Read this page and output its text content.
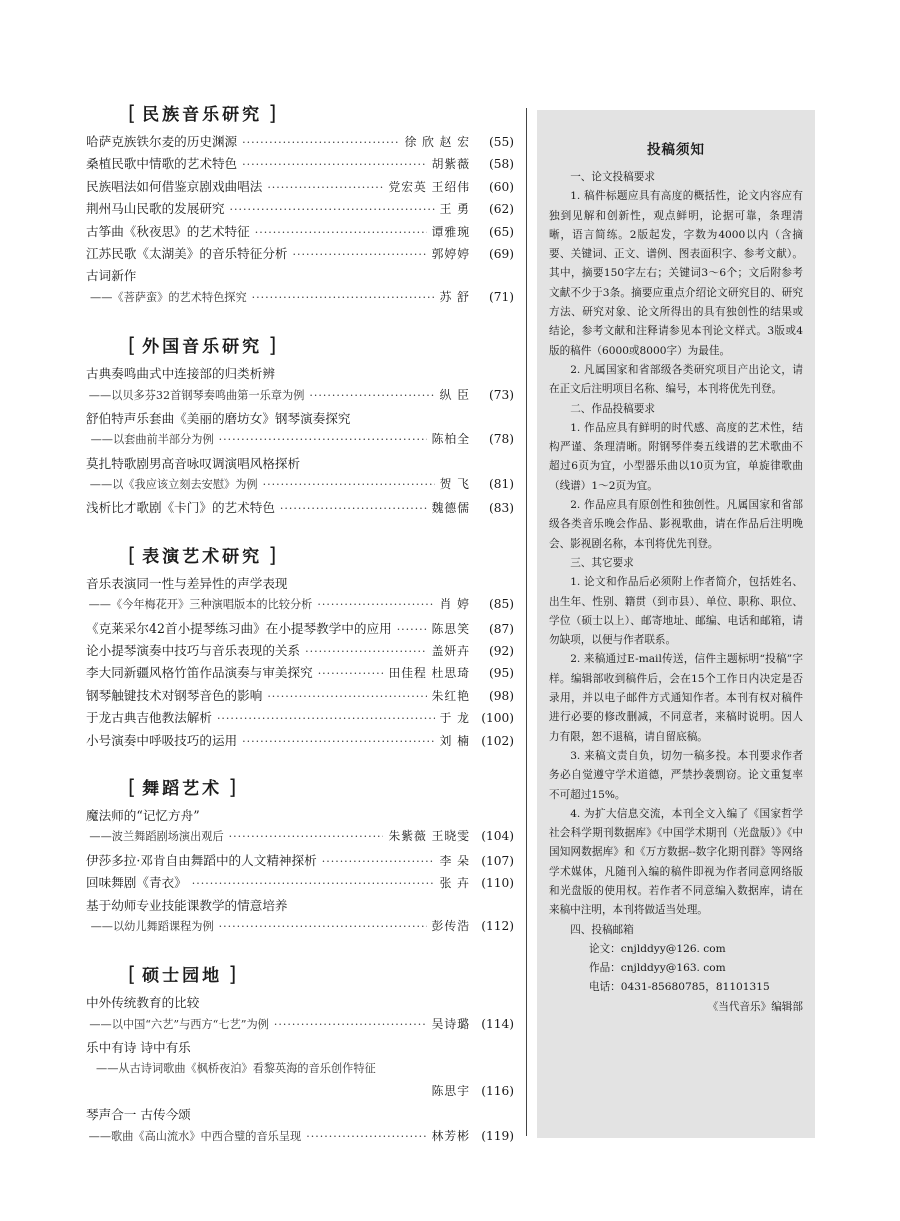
[ 民族音乐研究 ]
哈萨克族铁尔麦的历史渊源 ·····	徐 欣 赵 宏	(55)
桑植民歌中情歌的艺术特色 ·····	胡紫薇	(58)
民族唱法如何借鉴京剧戏曲唱法 ·····	党宏英 王绍伟	(60)
荆州马山民歌的发展研究 ·····	王 勇	(62)
古筝曲《秋夜思》的艺术特征 ·····	谭雅琬	(65)
江苏民歌《太湖美》的音乐特征分析 ·····	郭婷婷	(69)
古词新作
——《菩萨蛮》的艺术特色探究 ·····	苏 舒	(71)
[ 外国音乐研究 ]
古典奏鸣曲式中连接部的归类析辨
——以贝多芬32首钢琴奏鸣曲第一乐章为例 ·····	纵 臣	(73)
舒伯特声乐套曲《美丽的磨坊女》钢琴演奏探究
——以套曲前半部分为例 ·····	陈柏全	(78)
莫扎特歌剧男高音咏叹调演唱风格探析
——以《我应该立刻去安慰》为例 ·····	贺 飞	(81)
浅析比才歌剧《卡门》的艺术特色 ·····	魏德儒	(83)
[ 表演艺术研究 ]
音乐表演同一性与差异性的声学表现
——《今年梅花开》三种演唱版本的比较分析 ·····	肖 婷	(85)
《克莱采尔42首小提琴练习曲》在小提琴教学中的应用 ·····	陈思笑	(87)
论小提琴演奏中技巧与音乐表现的关系 ·····	盖妍卉	(92)
李大同新疆风格竹笛作品演奏与审美探究 ·····	田佳程 杜思琦	(95)
钢琴触键技术对钢琴音色的影响 ·····	朱红艳	(98)
于龙古典吉他教法解析 ·····	于 龙 (100)
小号演奏中呼吸技巧的运用 ·····	刘 楠 (102)
[ 舞蹈艺术 ]
魔法师的“记忆方舟”
——波兰舞蹈剧场演出观后 ·····	朱紫薇 王晓雯 (104)
伊莎多拉·邓肯自由舞蹈中的人文精神探析 ·····	李 朵 (107)
回味舞剧《青衣》 ·····	张 卉 (110)
基于幼师专业技能课教学的情意培养
——以幼儿舞蹈课程为例 ·····	彭传浩 (112)
[ 硕士园地 ]
中外传统教育的比较
——以中国“六艺”与西方“七艺”为例 ·····	吴诗璐 (114)
乐中有诗 诗中有乐
——从古诗词歌曲《枫桥夜泊》看黎英海的音乐创作特征
陈思宇 (116)
琴声合一 古传今颂
——歌曲《高山流水》中西合璧的音乐呈现 ·····	林芳彬 (119)
投稿须知

一、论文投稿要求

1. 稿件标题应具有高度的概括性，论文内容应有独到见解和创新性，观点鲜明，论据可靠，条理清晰，语言简练。2版起发，字数为4000以内（含摘要、关键词、正文、谱例、图表面积字、参考文献）。其中，摘要150字左右；关键词3～6个；文后附参考文献不少于3条。摘要应重点介绍论文研究目的、研究方法、研究对象、论文所得出的具有独创性的结果或结论，参考文献和注释请参见本刊论文样式。3版或4版的稿件（6000或8000字）为最佳。

2. 凡属国家和省部级各类研究项目产出论文，请在正文后注明项目名称、编号，本刊将优先刊登。

二、作品投稿要求

1. 作品应具有鲜明的时代感、高度的艺术性，结构严谨、条理清晰。附钢琴伴奏五线谱的艺术歌曲不超过6页为宜，小型器乐曲以10页为宜，单旋律歌曲（线谱）1～2页为宜。

2. 作品应具有原创性和独创性。凡属国家和省部级各类音乐晚会作品、影视歌曲，请在作品后注明晚会、影视剧名称，本刊将优先刊登。

三、其它要求

1. 论文和作品后必须附上作者简介，包括姓名、出生年、性别、籍贯（到市县）、单位、职称、职位、学位（硕士以上）、邮寄地址、邮编、电话和邮箱，请勿缺项，以便与作者联系。

2. 来稿通过E-mail传送，信件主题标明“投稿”字样。编辑部收到稿件后，会在15个工作日内决定是否录用，并以电子邮件方式通知作者。本刊有权对稿件进行必要的修改删减，不同意者，来稿时说明。因人力有限，恕不退稿，请自留底稿。

3. 来稿文责自负，切勿一稿多投。本刊要求作者务必自觉遵守学术道德，严禁抄袭剽窃。论文重复率不可超过15%。

4. 为扩大信息交流，本刊全文入编了《国家哲学社会科学期刊数据库》《中国学术期刊（光盘版）》《中国知网数据库》和《万方数据--数字化期刊群》等网络学术媒体，凡随刊入编的稿件即视为作者同意网络版和光盘版的使用权。若作者不同意编入数据库，请在来稿中注明，本刊将做适当处理。

四、投稿邮箱

论文：cnjlddyy@126. com

作品：cnjlddyy@163. com

电话：0431-85680785，81101315

《当代音乐》编辑部
